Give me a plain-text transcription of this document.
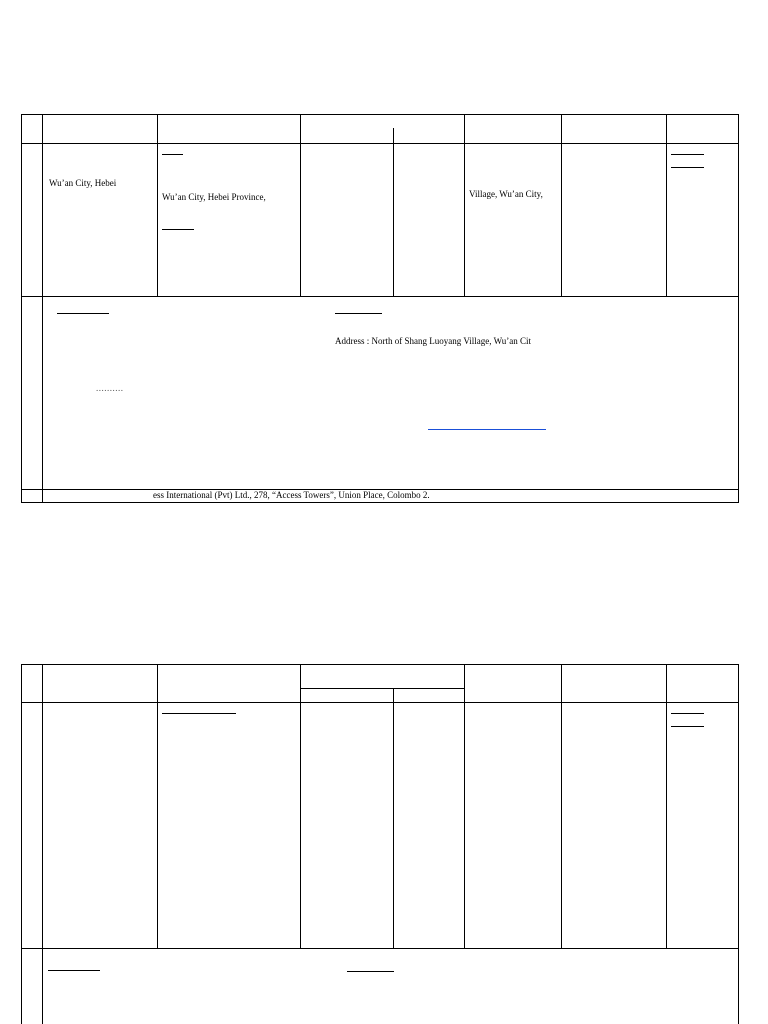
Wu’an City, Hebei
Wu’an City, Hebei Province,	Village, Wu’an City,
Address : North of Shang Luoyang Village, Wu’an Cit
..........
ess International (Pvt) Ltd., 278, “Access Towers”, Union Place, Colombo 2.
